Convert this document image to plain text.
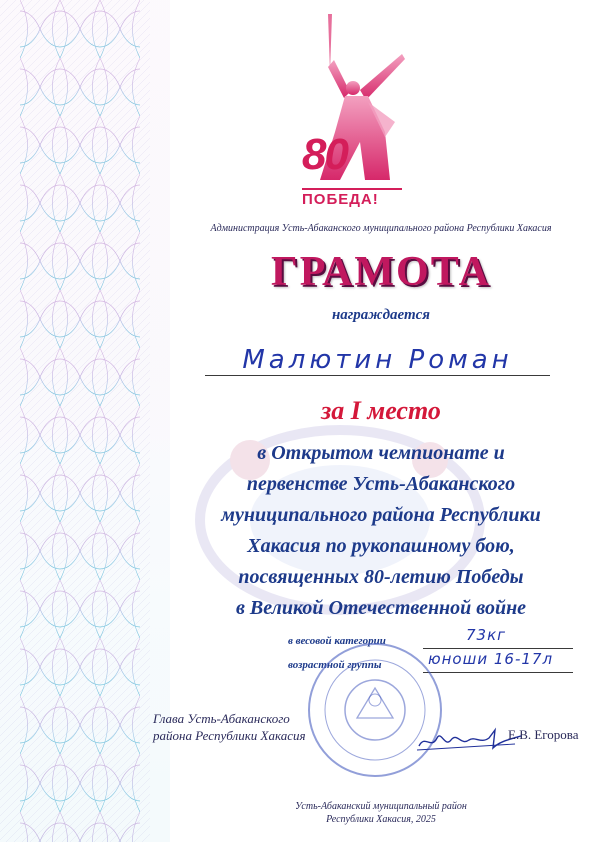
80
ПОБЕДА!
Администрация Усть-Абаканского муниципального района Республики Хакасия
ГРАМОТА
награждается
Малютин Роман
за I место
в Открытом чемпионате и
первенстве Усть-Абаканского
муниципального района Республики
Хакасия по рукопашному бою,
посвященных 80-летию Победы
в Великой Отечественной войне
в весовой категории	73кг
возрастной группы	юноши 16-17л
Глава Усть-Абаканского
района Республики Хакасия	Е.В. Егорова
Усть-Абаканский муниципальный район
Республики Хакасия, 2025
